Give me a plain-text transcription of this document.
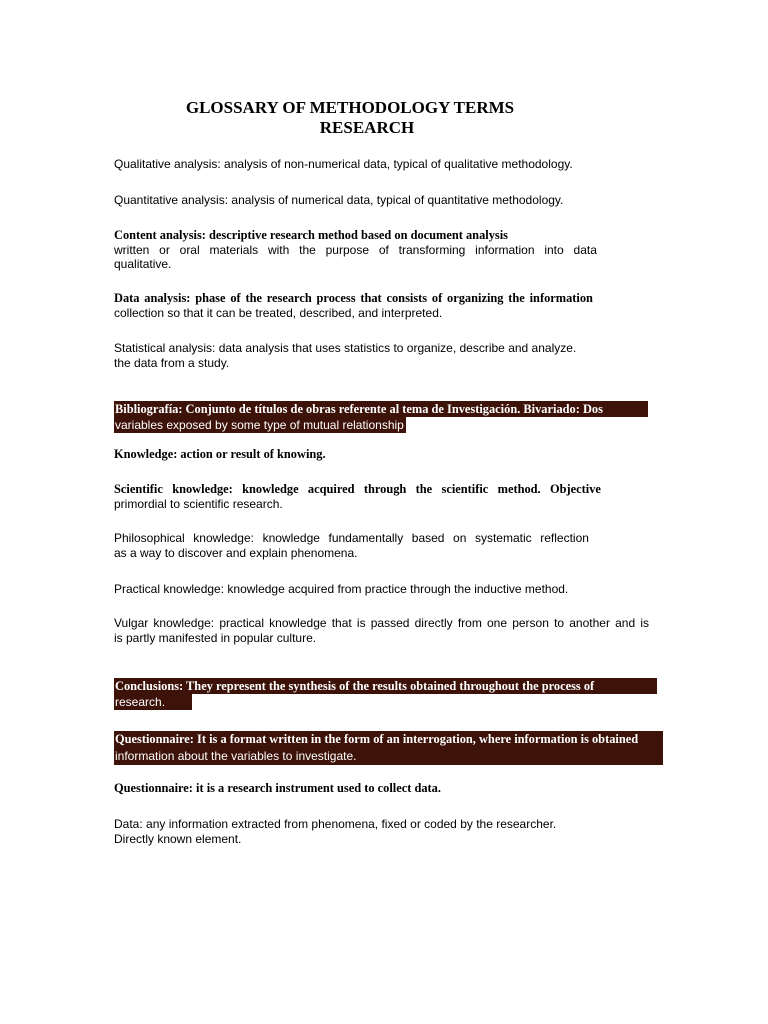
GLOSSARY OF METHODOLOGY TERMS
RESEARCH

Qualitative analysis: analysis of non-numerical data, typical of qualitative methodology.

Quantitative analysis: analysis of numerical data, typical of quantitative methodology.

Content analysis: descriptive research method based on document analysis
written or oral materials with the purpose of transforming information into data
qualitative.

Data analysis: phase of the research process that consists of organizing the information
collection so that it can be treated, described, and interpreted.

Statistical analysis: data analysis that uses statistics to organize, describe and analyze.
the data from a study.

Bibliografía: Conjunto de títulos de obras referente al tema de Investigación. Bivariado: Dos
variables exposed by some type of mutual relationship

Knowledge: action or result of knowing.

Scientific knowledge: knowledge acquired through the scientific method. Objective
primordial to scientific research.

Philosophical knowledge: knowledge fundamentally based on systematic reflection
as a way to discover and explain phenomena.

Practical knowledge: knowledge acquired from practice through the inductive method.

Vulgar knowledge: practical knowledge that is passed directly from one person to another and is
is partly manifested in popular culture.

Conclusions: They represent the synthesis of the results obtained throughout the process of
research.

Questionnaire: It is a format written in the form of an interrogation, where information is obtained
information about the variables to investigate.

Questionnaire: it is a research instrument used to collect data.

Data: any information extracted from phenomena, fixed or coded by the researcher.
Directly known element.
